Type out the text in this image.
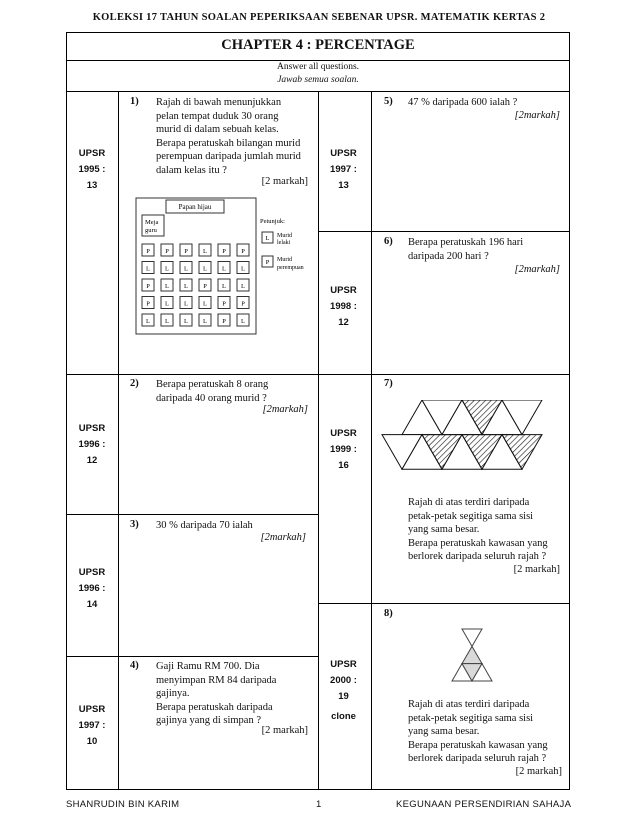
KOLEKSI 17 TAHUN SOALAN PEPERIKSAAN SEBENAR UPSR. MATEMATIK KERTAS 2
CHAPTER 4 : PERCENTAGE
Answer all questions.
Jawab semua soalan.
UPSR
1995 :
13
1) Rajah di bawah menunjukkan
pelan tempat duduk 30 orang
murid di dalam sebuah kelas.
Berapa peratuskah bilangan murid
perempuan daripada jumlah murid
dalam kelas itu ?
[2 markah]
Papan hijau
Meja
guru
P P P L P P
L L L L L L
P L L P L L
P L L L P P
L L L L P L
Petunjuk:
L Murid
lelaki
P Murid
perempuan
UPSR
1996 :
12
2) Berapa peratuskah 8 orang
daripada 40 orang murid ?
[2markah]
UPSR
1996 :
14
3) 30 % daripada 70 ialah
[2markah]
UPSR
1997 :
10
4) Gaji Ramu RM 700. Dia
menyimpan RM 84 daripada
gajinya.
Berapa peratuskah daripada
gajinya yang di simpan ?
[2 markah]
UPSR
1997 :
13
5) 47 % daripada 600 ialah ?
[2markah]
UPSR
1998 :
12
6) Berapa peratuskah 196 hari
daripada 200 hari ?
[2markah]
UPSR
1999 :
16
7)
Rajah di atas terdiri daripada
petak-petak segitiga sama sisi
yang sama besar.
Berapa peratuskah kawasan yang
berlorek daripada seluruh rajah ?
[2 markah]
UPSR
2000 :
19
clone
8)
Rajah di atas terdiri daripada
petak-petak segitiga sama sisi
yang sama besar.
Berapa peratuskah kawasan yang
berlorek daripada seluruh rajah ?
[2 markah]
SHANRUDIN BIN KARIM	1	KEGUNAAN PERSENDIRIAN SAHAJA
